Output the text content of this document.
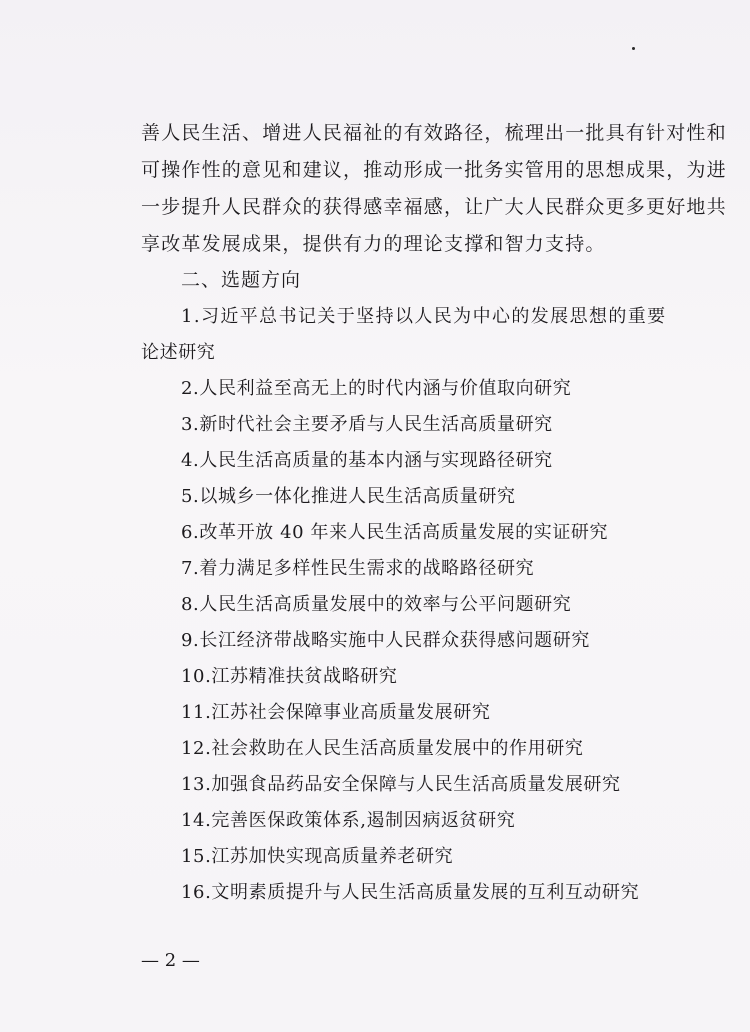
善人民生活、增进人民福祉的有效路径，梳理出一批具有针对性和
可操作性的意见和建议，推动形成一批务实管用的思想成果，为进
一步提升人民群众的获得感幸福感，让广大人民群众更多更好地共
享改革发展成果，提供有力的理论支撑和智力支持。
二、选题方向
1.习近平总书记关于坚持以人民为中心的发展思想的重要
论述研究
2.人民利益至高无上的时代内涵与价值取向研究
3.新时代社会主要矛盾与人民生活高质量研究
4.人民生活高质量的基本内涵与实现路径研究
5.以城乡一体化推进人民生活高质量研究
6.改革开放 40 年来人民生活高质量发展的实证研究
7.着力满足多样性民生需求的战略路径研究
8.人民生活高质量发展中的效率与公平问题研究
9.长江经济带战略实施中人民群众获得感问题研究
10.江苏精准扶贫战略研究
11.江苏社会保障事业高质量发展研究
12.社会救助在人民生活高质量发展中的作用研究
13.加强食品药品安全保障与人民生活高质量发展研究
14.完善医保政策体系,遏制因病返贫研究
15.江苏加快实现高质量养老研究
16.文明素质提升与人民生活高质量发展的互利互动研究
— 2 —
